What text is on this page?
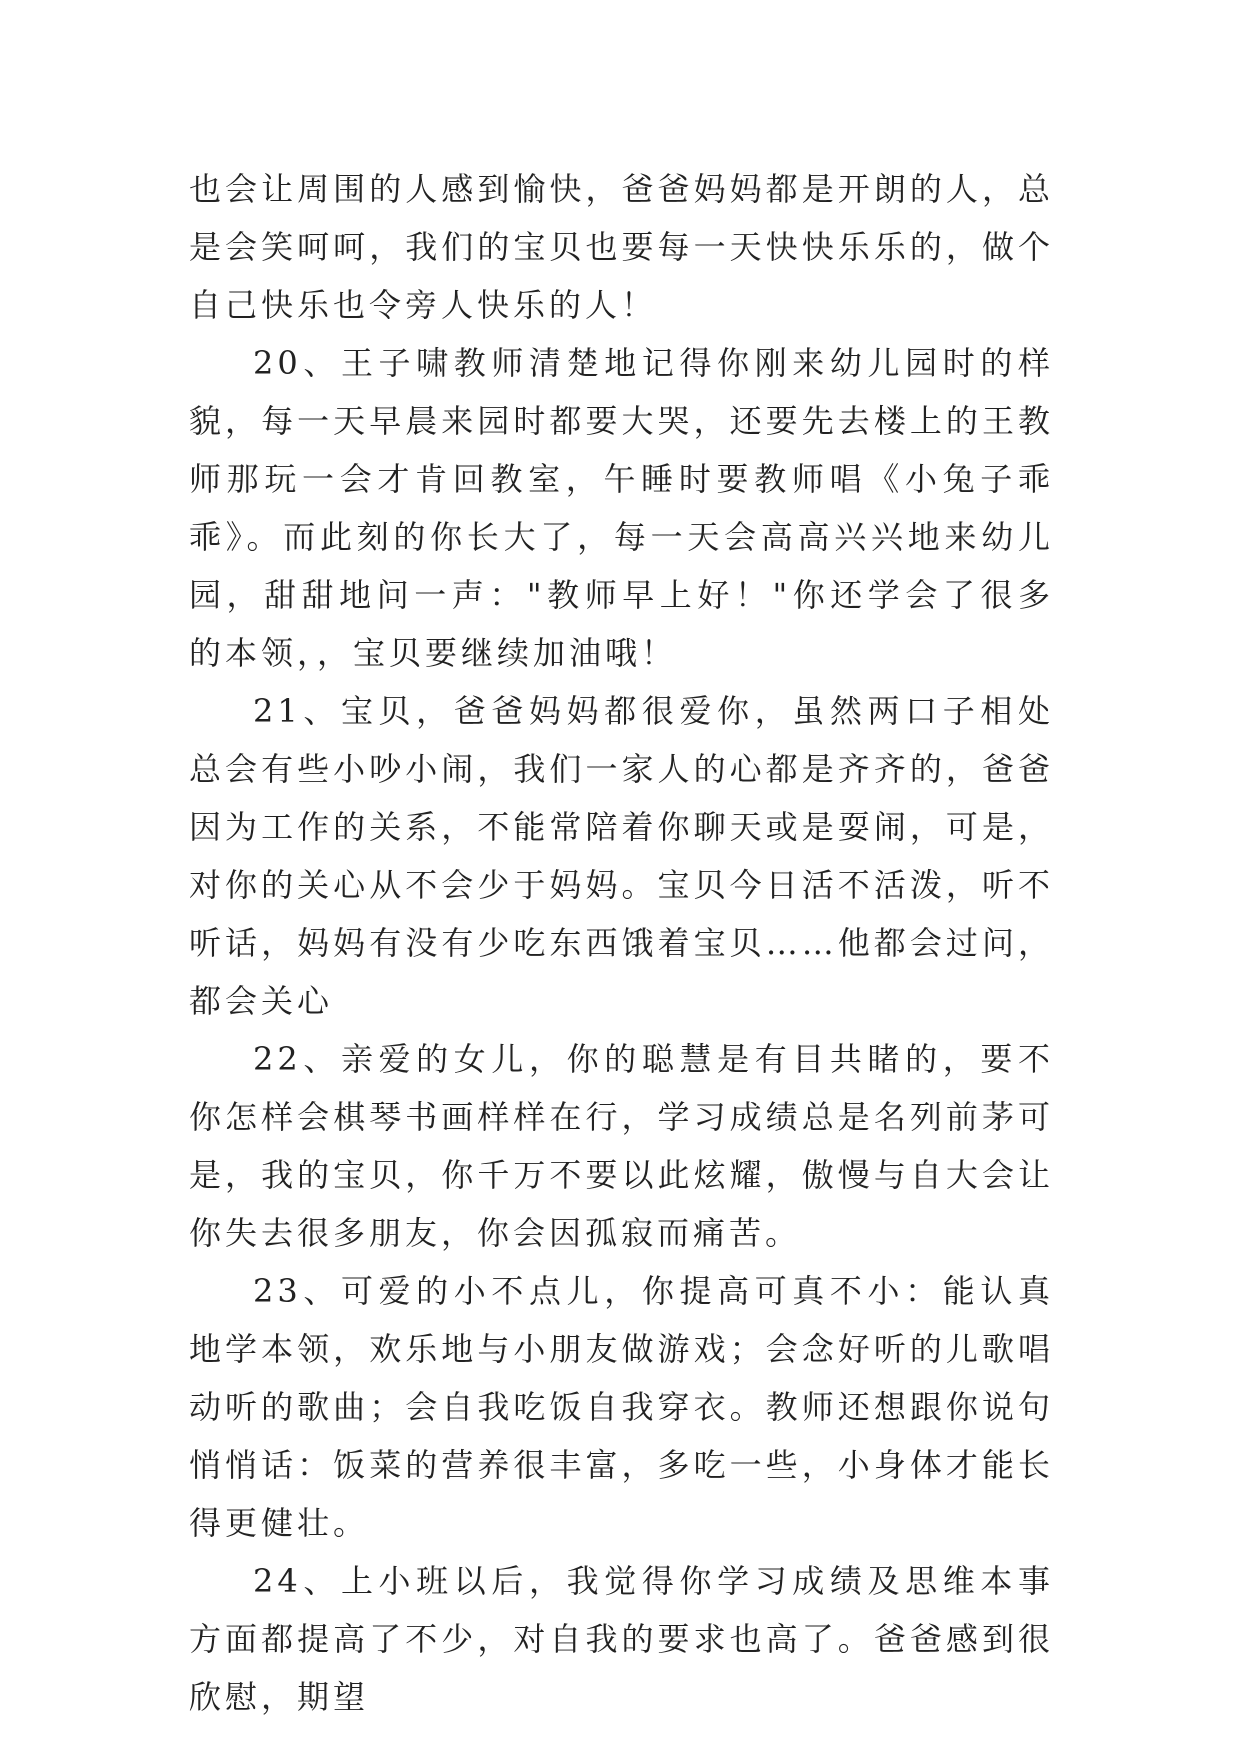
也会让周围的人感到愉快，爸爸妈妈都是开朗的人，总是会笑呵呵，我们的宝贝也要每一天快快乐乐的，做个自己快乐也令旁人快乐的人！

20、王子啸教师清楚地记得你刚来幼儿园时的样貌，每一天早晨来园时都要大哭，还要先去楼上的王教师那玩一会才肯回教室，午睡时要教师唱《小兔子乖乖》。而此刻的你长大了，每一天会高高兴兴地来幼儿园，甜甜地问一声："教师早上好！"你还学会了很多的本领，，宝贝要继续加油哦！

21、宝贝，爸爸妈妈都很爱你，虽然两口子相处总会有些小吵小闹，我们一家人的心都是齐齐的，爸爸因为工作的关系，不能常陪着你聊天或是耍闹，可是，对你的关心从不会少于妈妈。宝贝今日活不活泼，听不听话，妈妈有没有少吃东西饿着宝贝……他都会过问，都会关心

22、亲爱的女儿，你的聪慧是有目共睹的，要不你怎样会棋琴书画样样在行，学习成绩总是名列前茅可是，我的宝贝，你千万不要以此炫耀，傲慢与自大会让你失去很多朋友，你会因孤寂而痛苦。

23、可爱的小不点儿，你提高可真不小：能认真地学本领，欢乐地与小朋友做游戏；会念好听的儿歌唱动听的歌曲；会自我吃饭自我穿衣。教师还想跟你说句悄悄话：饭菜的营养很丰富，多吃一些，小身体才能长得更健壮。

24、上小班以后，我觉得你学习成绩及思维本事方面都提高了不少，对自我的要求也高了。爸爸感到很欣慰，期望
